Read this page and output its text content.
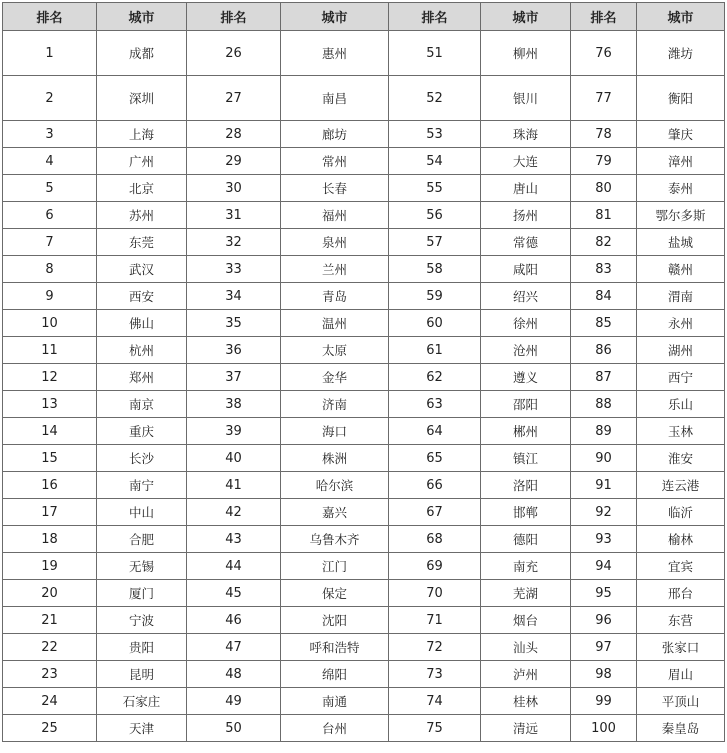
排名	城市	排名	城市	排名	城市	排名	城市
1	成都	26	惠州	51	柳州	76	潍坊
2	深圳	27	南昌	52	银川	77	衡阳
3	上海	28	廊坊	53	珠海	78	肇庆
4	广州	29	常州	54	大连	79	漳州
5	北京	30	长春	55	唐山	80	泰州
6	苏州	31	福州	56	扬州	81	鄂尔多斯
7	东莞	32	泉州	57	常德	82	盐城
8	武汉	33	兰州	58	咸阳	83	赣州
9	西安	34	青岛	59	绍兴	84	渭南
10	佛山	35	温州	60	徐州	85	永州
11	杭州	36	太原	61	沧州	86	湖州
12	郑州	37	金华	62	遵义	87	西宁
13	南京	38	济南	63	邵阳	88	乐山
14	重庆	39	海口	64	郴州	89	玉林
15	长沙	40	株洲	65	镇江	90	淮安
16	南宁	41	哈尔滨	66	洛阳	91	连云港
17	中山	42	嘉兴	67	邯郸	92	临沂
18	合肥	43	乌鲁木齐	68	德阳	93	榆林
19	无锡	44	江门	69	南充	94	宜宾
20	厦门	45	保定	70	芜湖	95	邢台
21	宁波	46	沈阳	71	烟台	96	东营
22	贵阳	47	呼和浩特	72	汕头	97	张家口
23	昆明	48	绵阳	73	泸州	98	眉山
24	石家庄	49	南通	74	桂林	99	平顶山
25	天津	50	台州	75	清远	100	秦皇岛
